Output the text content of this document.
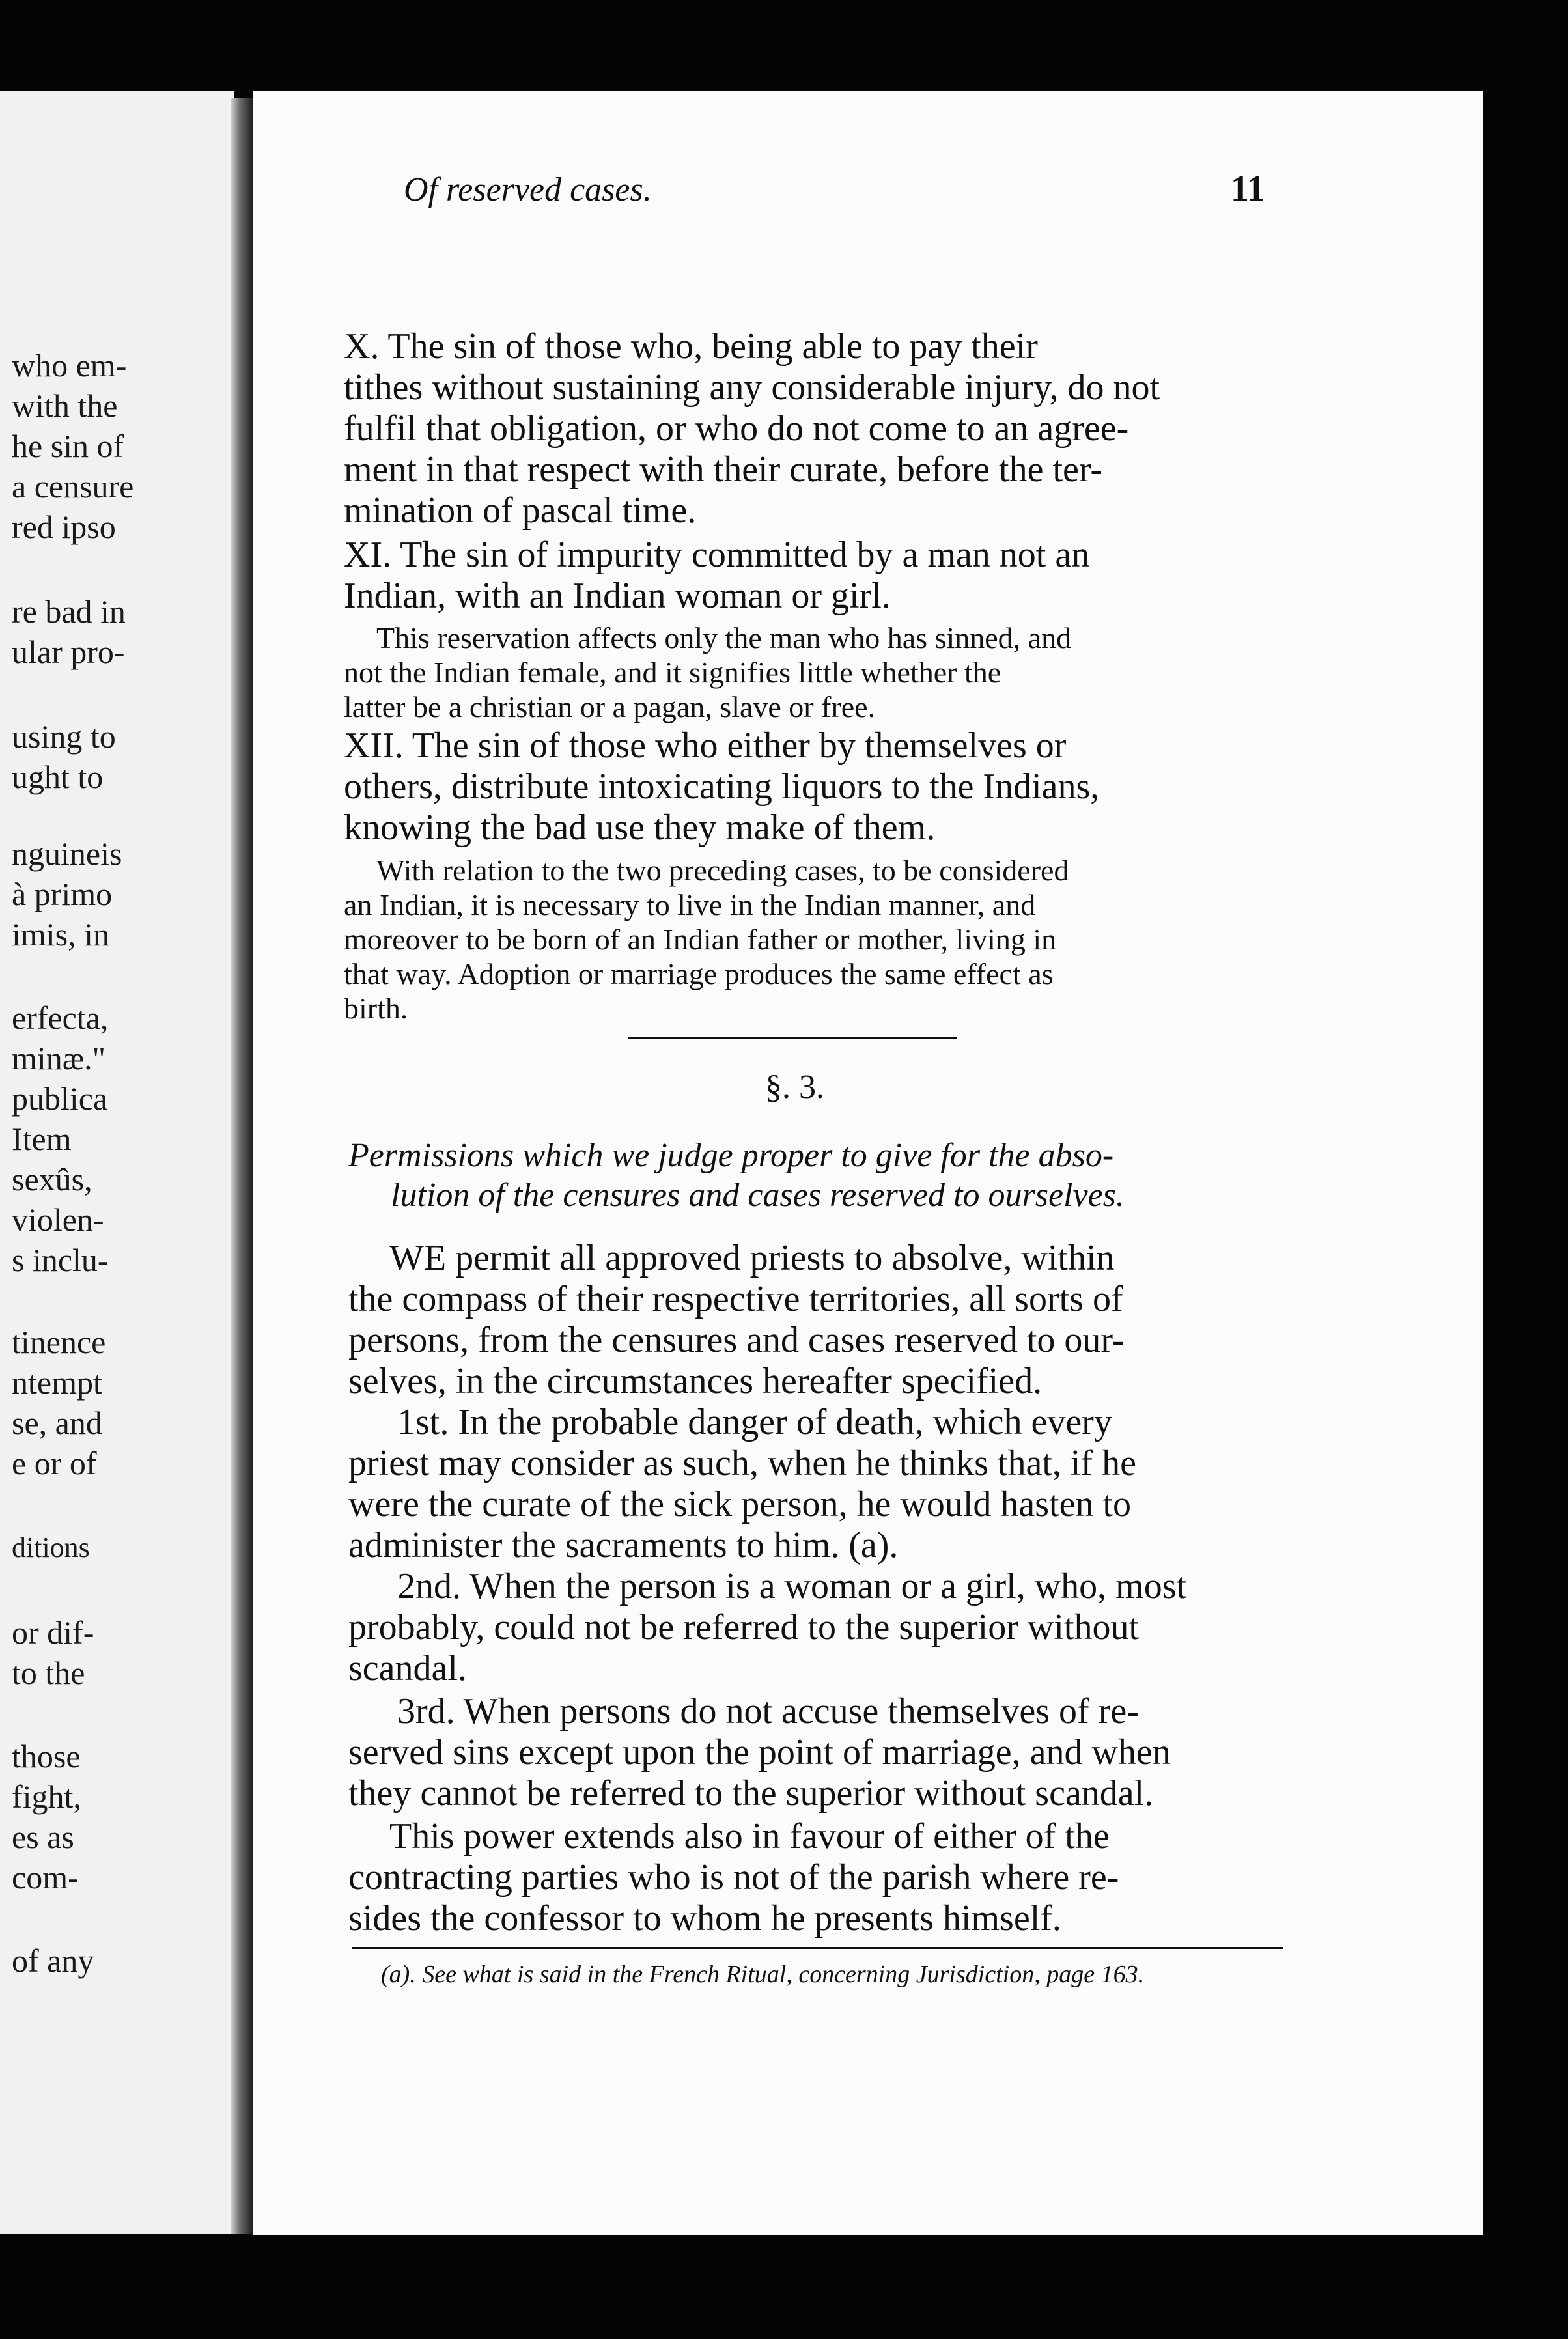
who em-
with the
he sin of
a censure
red ipso
re bad in
ular pro-
using to
ught to
nguineis
à primo
imis, in
erfecta,
minæ."
publica
Item
sexûs,
violen-
s inclu-
tinence
ntempt
se, and
e or of
ditions
or dif-
to the
those
fight,
es as
com-
of any
Of reserved cases.	11
X. The sin of those who, being able to pay their
tithes without sustaining any considerable injury, do not
fulfil that obligation, or who do not come to an agree-
ment in that respect with their curate, before the ter-
mination of pascal time.
XI. The sin of impurity committed by a man not an
Indian, with an Indian woman or girl.
This reservation affects only the man who has sinned, and
not the Indian female, and it signifies little whether the
latter be a christian or a pagan, slave or free.
XII. The sin of those who either by themselves or
others, distribute intoxicating liquors to the Indians,
knowing the bad use they make of them.
With relation to the two preceding cases, to be considered
an Indian, it is necessary to live in the Indian manner, and
moreover to be born of an Indian father or mother, living in
that way. Adoption or marriage produces the same effect as
birth.
§. 3.
Permissions which we judge proper to give for the abso-
lution of the censures and cases reserved to ourselves.
WE permit all approved priests to absolve, within
the compass of their respective territories, all sorts of
persons, from the censures and cases reserved to our-
selves, in the circumstances hereafter specified.
1st. In the probable danger of death, which every
priest may consider as such, when he thinks that, if he
were the curate of the sick person, he would hasten to
administer the sacraments to him. (a).
2nd. When the person is a woman or a girl, who, most
probably, could not be referred to the superior without
scandal.
3rd. When persons do not accuse themselves of re-
served sins except upon the point of marriage, and when
they cannot be referred to the superior without scandal.
This power extends also in favour of either of the
contracting parties who is not of the parish where re-
sides the confessor to whom he presents himself.
(a). See what is said in the French Ritual, concerning Jurisdiction, page 163.
